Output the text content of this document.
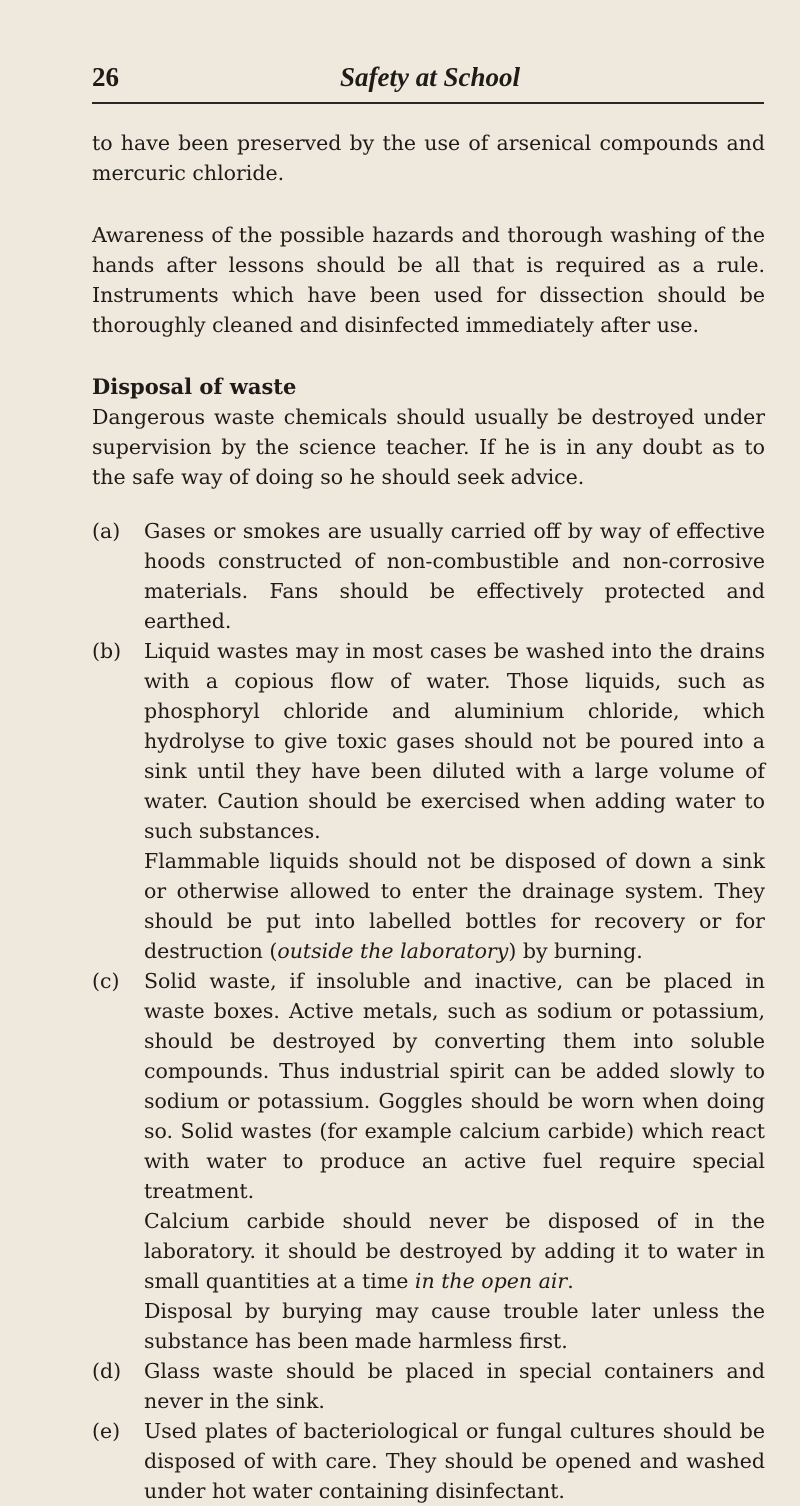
26	Safety at School

to have been preserved by the use of arsenical compounds and mercuric chloride.

Awareness of the possible hazards and thorough washing of the hands after lessons should be all that is required as a rule. Instruments which have been used for dissection should be thoroughly cleaned and disinfected immediately after use.

Disposal of waste

Dangerous waste chemicals should usually be destroyed under supervision by the science teacher. If he is in any doubt as to the safe way of doing so he should seek advice.

(a)	Gases or smokes are usually carried off by way of effective hoods constructed of non-combustible and non-corrosive materials. Fans should be effectively protected and earthed.

(b)	Liquid wastes may in most cases be washed into the drains with a copious flow of water. Those liquids, such as phosphoryl chloride and aluminium chloride, which hydrolyse to give toxic gases should not be poured into a sink until they have been diluted with a large volume of water. Caution should be exercised when adding water to such substances.

Flammable liquids should not be disposed of down a sink or otherwise allowed to enter the drainage system. They should be put into labelled bottles for recovery or for destruction (outside the laboratory) by burning.

(c)	Solid waste, if insoluble and inactive, can be placed in waste boxes. Active metals, such as sodium or potassium, should be destroyed by converting them into soluble compounds. Thus industrial spirit can be added slowly to sodium or potassium. Goggles should be worn when doing so. Solid wastes (for example calcium carbide) which react with water to produce an active fuel require special treatment.

Calcium carbide should never be disposed of in the laboratory. it should be destroyed by adding it to water in small quantities at a time in the open air.

Disposal by burying may cause trouble later unless the substance has been made harmless first.

(d)	Glass waste should be placed in special containers and never in the sink.

(e)	Used plates of bacteriological or fungal cultures should be disposed of with care. They should be opened and washed under hot water containing disinfectant.
